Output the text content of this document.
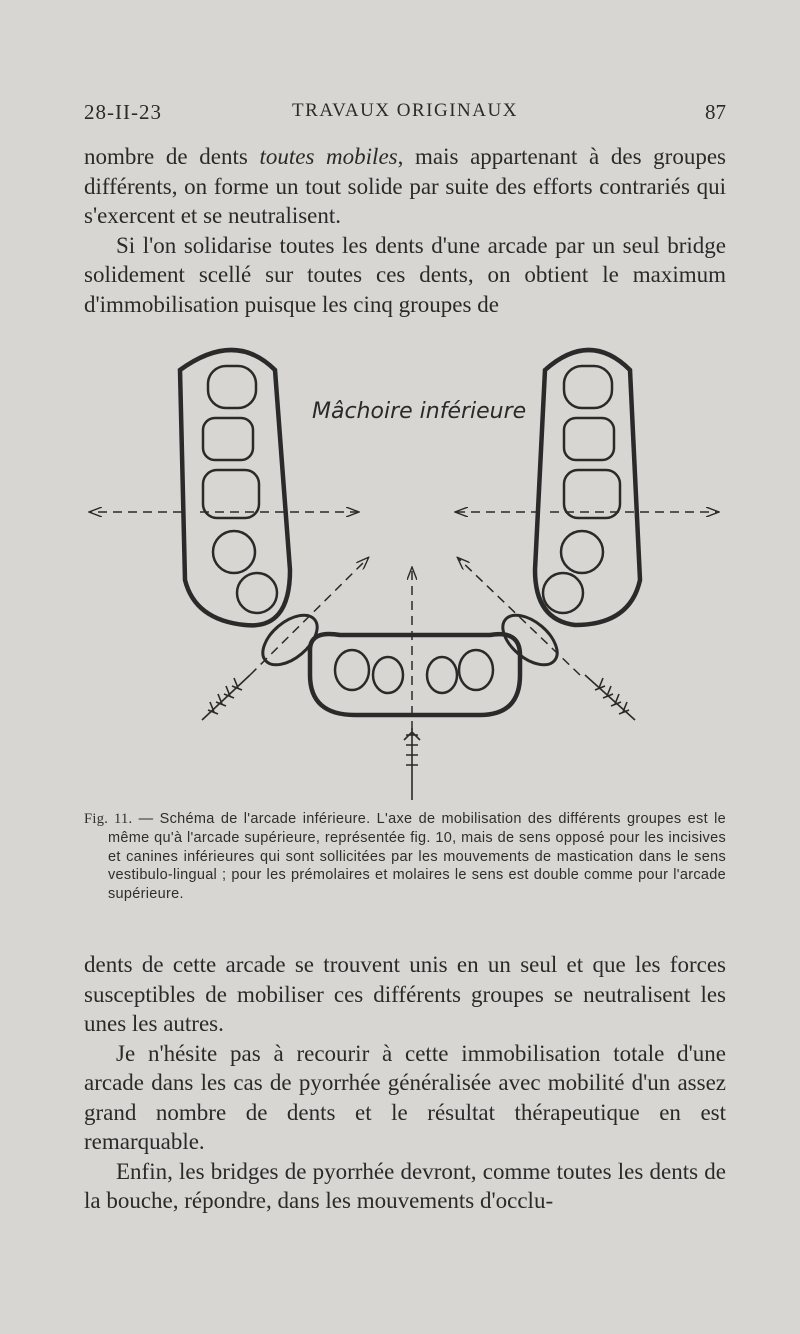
28-II-23	TRAVAUX ORIGINAUX	87

nombre de dents toutes mobiles, mais appartenant à des groupes différents, on forme un tout solide par suite des efforts contrariés qui s'exercent et se neutralisent.

Si l'on solidarise toutes les dents d'une arcade par un seul bridge solidement scellé sur toutes ces dents, on obtient le maximum d'immobilisation puisque les cinq groupes de

Mâchoire inférieure

Fig. 11. — Schéma de l'arcade inférieure. L'axe de mobilisation des différents groupes est le même qu'à l'arcade supérieure, représentée fig. 10, mais de sens opposé pour les incisives et canines inférieures qui sont sollicitées par les mouvements de mastication dans le sens vestibulo-lingual ; pour les prémolaires et molaires le sens est double comme pour l'arcade supérieure.

dents de cette arcade se trouvent unis en un seul et que les forces susceptibles de mobiliser ces différents groupes se neutralisent les unes les autres.

Je n'hésite pas à recourir à cette immobilisation totale d'une arcade dans les cas de pyorrhée généralisée avec mobilité d'un assez grand nombre de dents et le résultat thérapeutique en est remarquable.

Enfin, les bridges de pyorrhée devront, comme toutes les dents de la bouche, répondre, dans les mouvements d'occlu-
